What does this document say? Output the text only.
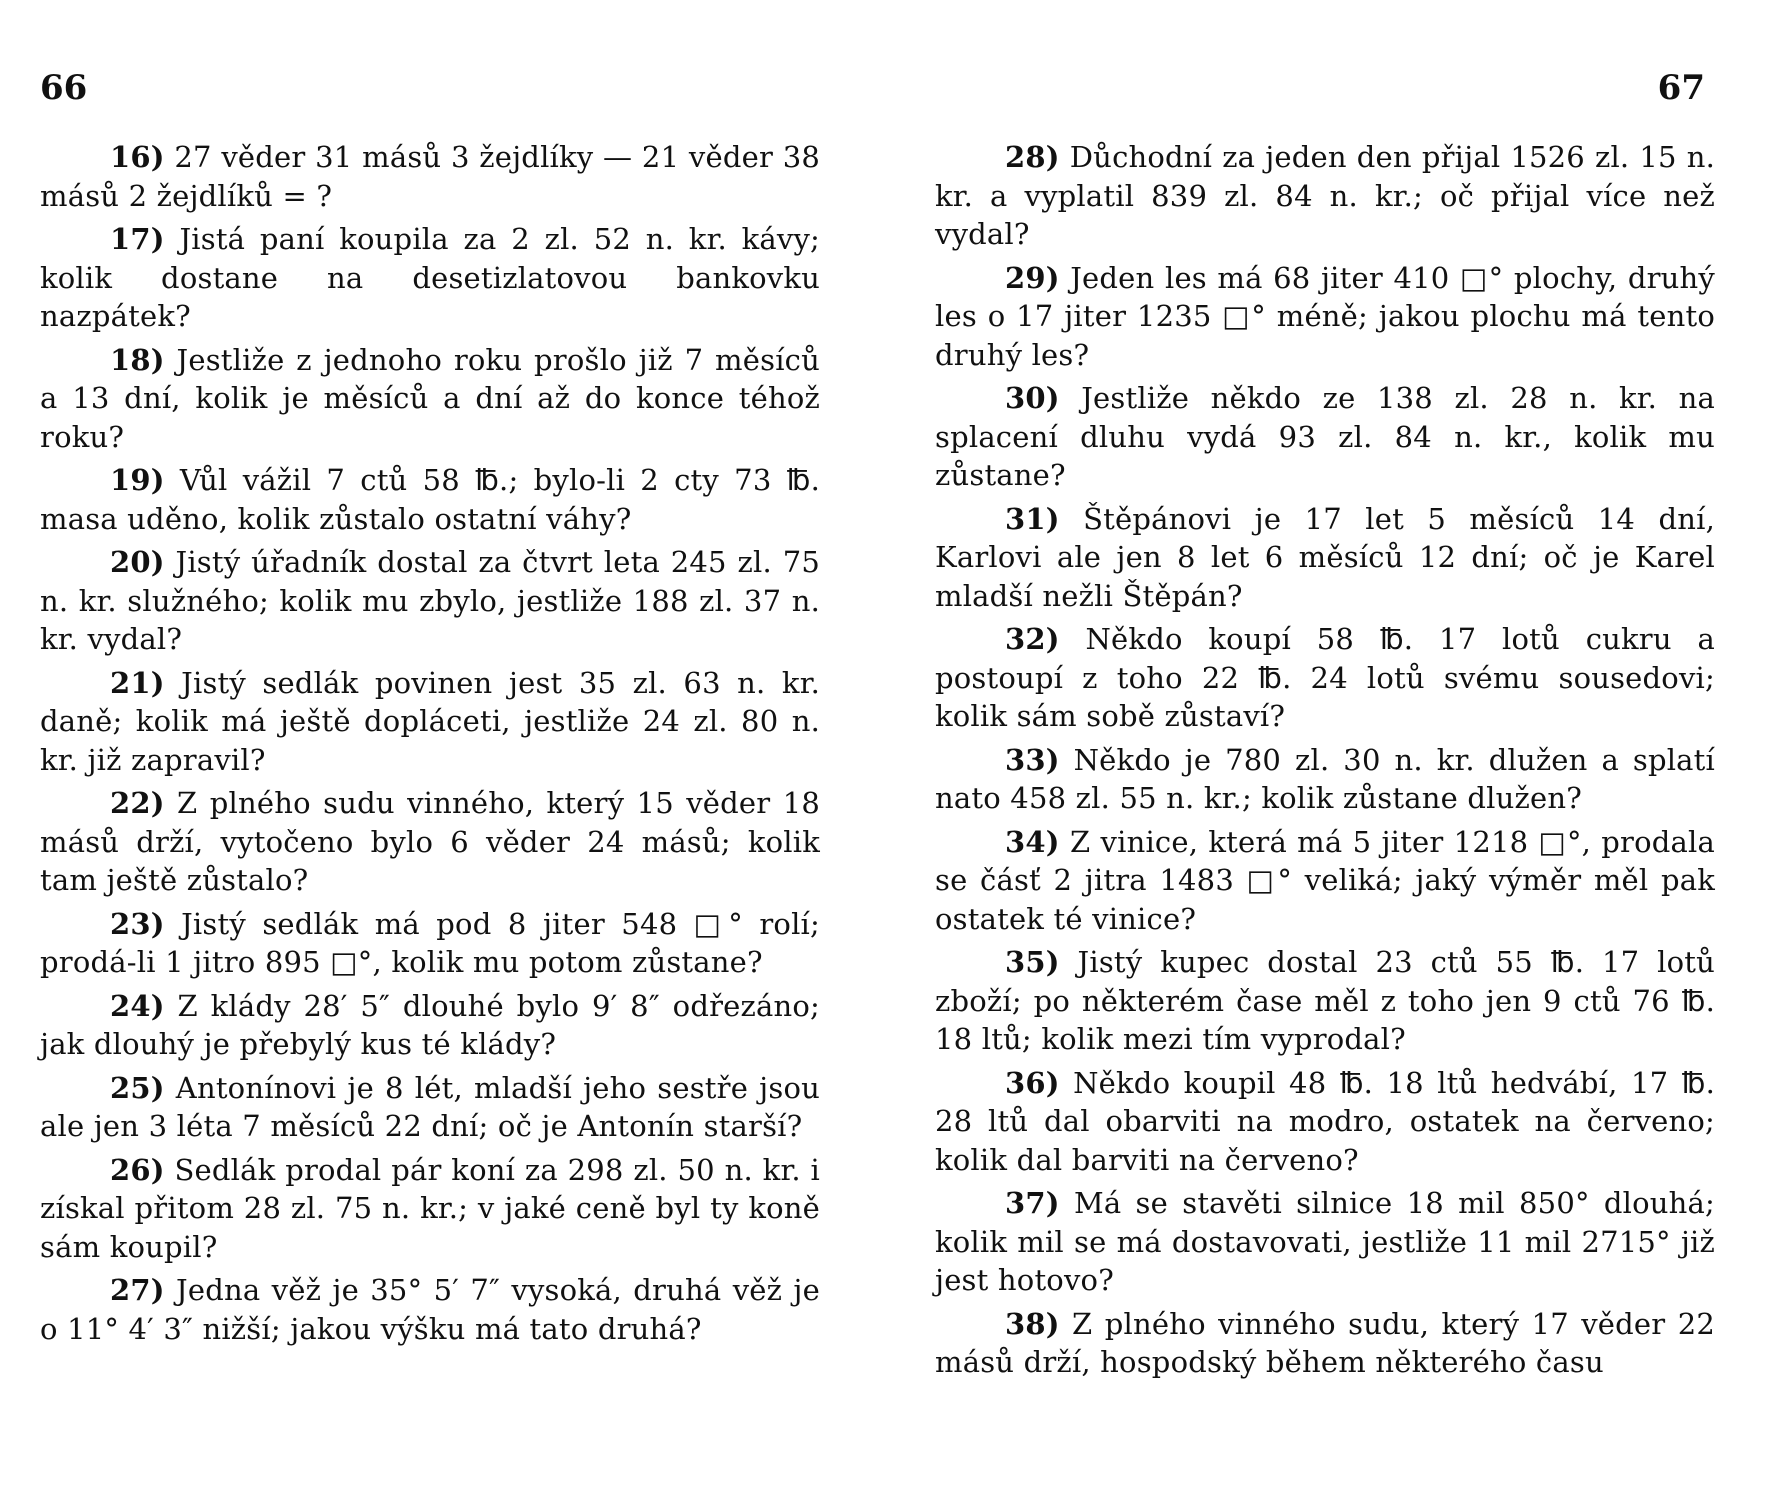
66

16) 27 věder 31 másů 3 žejdlíky — 21 věder 38 másů 2 žejdlíků = ?

17) Jistá paní koupila za 2 zl. 52 n. kr. kávy; kolik dostane na desetizlatovou bankovku nazpátek?

18) Jestliže z jednoho roku prošlo již 7 měsíců a 13 dní, kolik je měsíců a dní až do konce téhož roku?

19) Vůl vážil 7 ctů 58 ℔.; bylo-li 2 cty 73 ℔. masa uděno, kolik zůstalo ostatní váhy?

20) Jistý úřadník dostal za čtvrt leta 245 zl. 75 n. kr. služného; kolik mu zbylo, jestliže 188 zl. 37 n. kr. vydal?

21) Jistý sedlák povinen jest 35 zl. 63 n. kr. daně; kolik má ještě dopláceti, jestliže 24 zl. 80 n. kr. již zapravil?

22) Z plného sudu vinného, který 15 věder 18 másů drží, vytočeno bylo 6 věder 24 másů; kolik tam ještě zůstalo?

23) Jistý sedlák má pod 8 jiter 548 □° rolí; prodá-li 1 jitro 895 □°, kolik mu potom zůstane?

24) Z klády 28′ 5″ dlouhé bylo 9′ 8″ odřezáno; jak dlouhý je přebylý kus té klády?

25) Antonínovi je 8 lét, mladší jeho sestře jsou ale jen 3 léta 7 měsíců 22 dní; oč je Antonín starší?

26) Sedlák prodal pár koní za 298 zl. 50 n. kr. i získal přitom 28 zl. 75 n. kr.; v jaké ceně byl ty koně sám koupil?

27) Jedna věž je 35° 5′ 7″ vysoká, druhá věž je o 11° 4′ 3″ nižší; jakou výšku má tato druhá?

67

28) Důchodní za jeden den přijal 1526 zl. 15 n. kr. a vyplatil 839 zl. 84 n. kr.; oč přijal více než vydal?

29) Jeden les má 68 jiter 410 □° plochy, druhý les o 17 jiter 1235 □° méně; jakou plochu má tento druhý les?

30) Jestliže někdo ze 138 zl. 28 n. kr. na splacení dluhu vydá 93 zl. 84 n. kr., kolik mu zůstane?

31) Štěpánovi je 17 let 5 měsíců 14 dní, Karlovi ale jen 8 let 6 měsíců 12 dní; oč je Karel mladší nežli Štěpán?

32) Někdo koupí 58 ℔. 17 lotů cukru a postoupí z toho 22 ℔. 24 lotů svému sousedovi; kolik sám sobě zůstaví?

33) Někdo je 780 zl. 30 n. kr. dlužen a splatí nato 458 zl. 55 n. kr.; kolik zůstane dlužen?

34) Z vinice, která má 5 jiter 1218 □°, prodala se čásť 2 jitra 1483 □° veliká; jaký výměr měl pak ostatek té vinice?

35) Jistý kupec dostal 23 ctů 55 ℔. 17 lotů zboží; po některém čase měl z toho jen 9 ctů 76 ℔. 18 ltů; kolik mezi tím vyprodal?

36) Někdo koupil 48 ℔. 18 ltů hedvábí, 17 ℔. 28 ltů dal obarviti na modro, ostatek na červeno; kolik dal barviti na červeno?

37) Má se stavěti silnice 18 mil 850° dlouhá; kolik mil se má dostavovati, jestliže 11 mil 2715° již jest hotovo?

38) Z plného vinného sudu, který 17 věder 22 másů drží, hospodský během některého času
